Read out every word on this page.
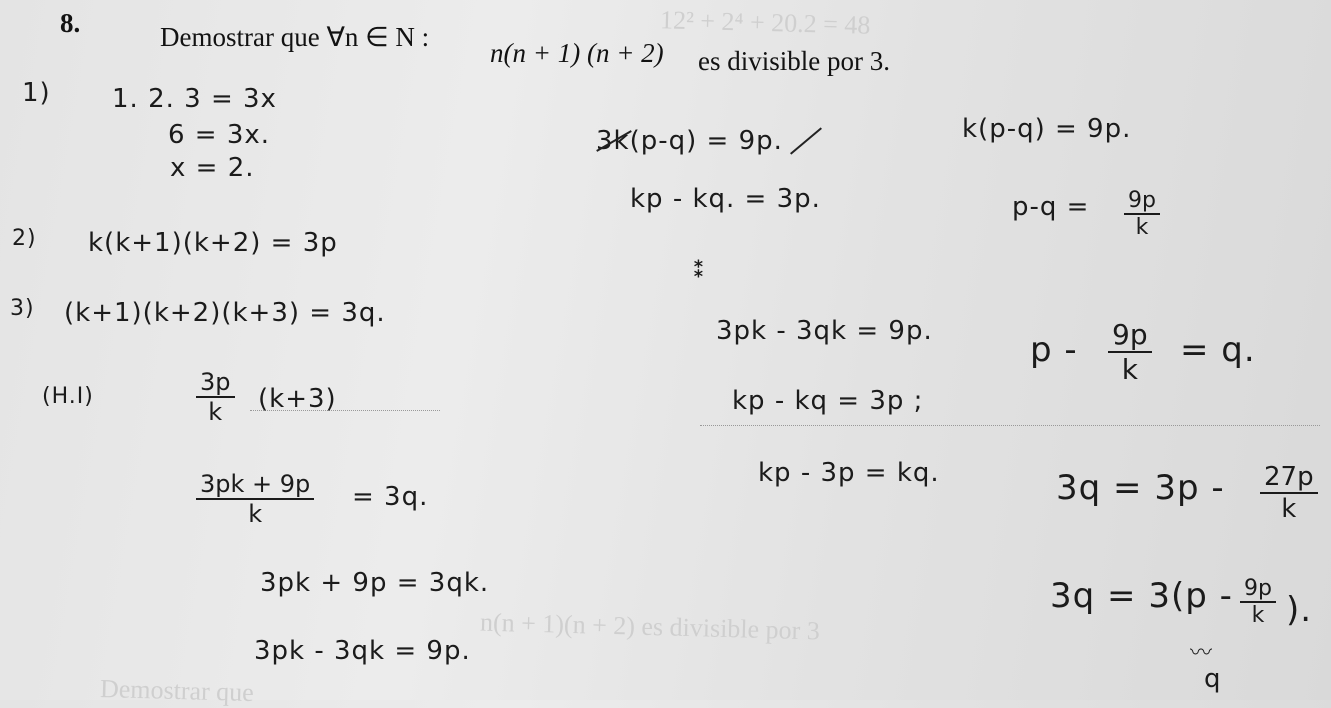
12² + 2⁴ + 20.2 = 48
n(n + 1)(n + 2) es divisible por 3
Demostrar que
8.	Demostrar que ∀n ∈ N :
n(n + 1) (n + 2) es divisible por 3.
1) 1. 2. 3 = 3x
6 = 3x.
x = 2.
2) k(k+1)(k+2) = 3p
3) (k+1)(k+2)(k+3) = 3q.
(H.I)	$\frac{3p}{k} (k+3)$
$\frac{3pk + 9p}{k} = 3q$.
3pk + 9p = 3qk.
3pk - 3qk = 9p.
3k(p-q) = 9p.
kp - kq. = 3p.
⁑
3pk - 3qk = 9p.
kp - kq = 3p ;
kp - 3p = kq.
k(p-q) = 9p.
$p-q = \frac{9p}{k}$
$p - \frac{9p}{k} = q$.
$3q = 3p - \frac{27p}{k}$
$3q = 3(p - \frac{9p}{k}$ ).
〰
q
